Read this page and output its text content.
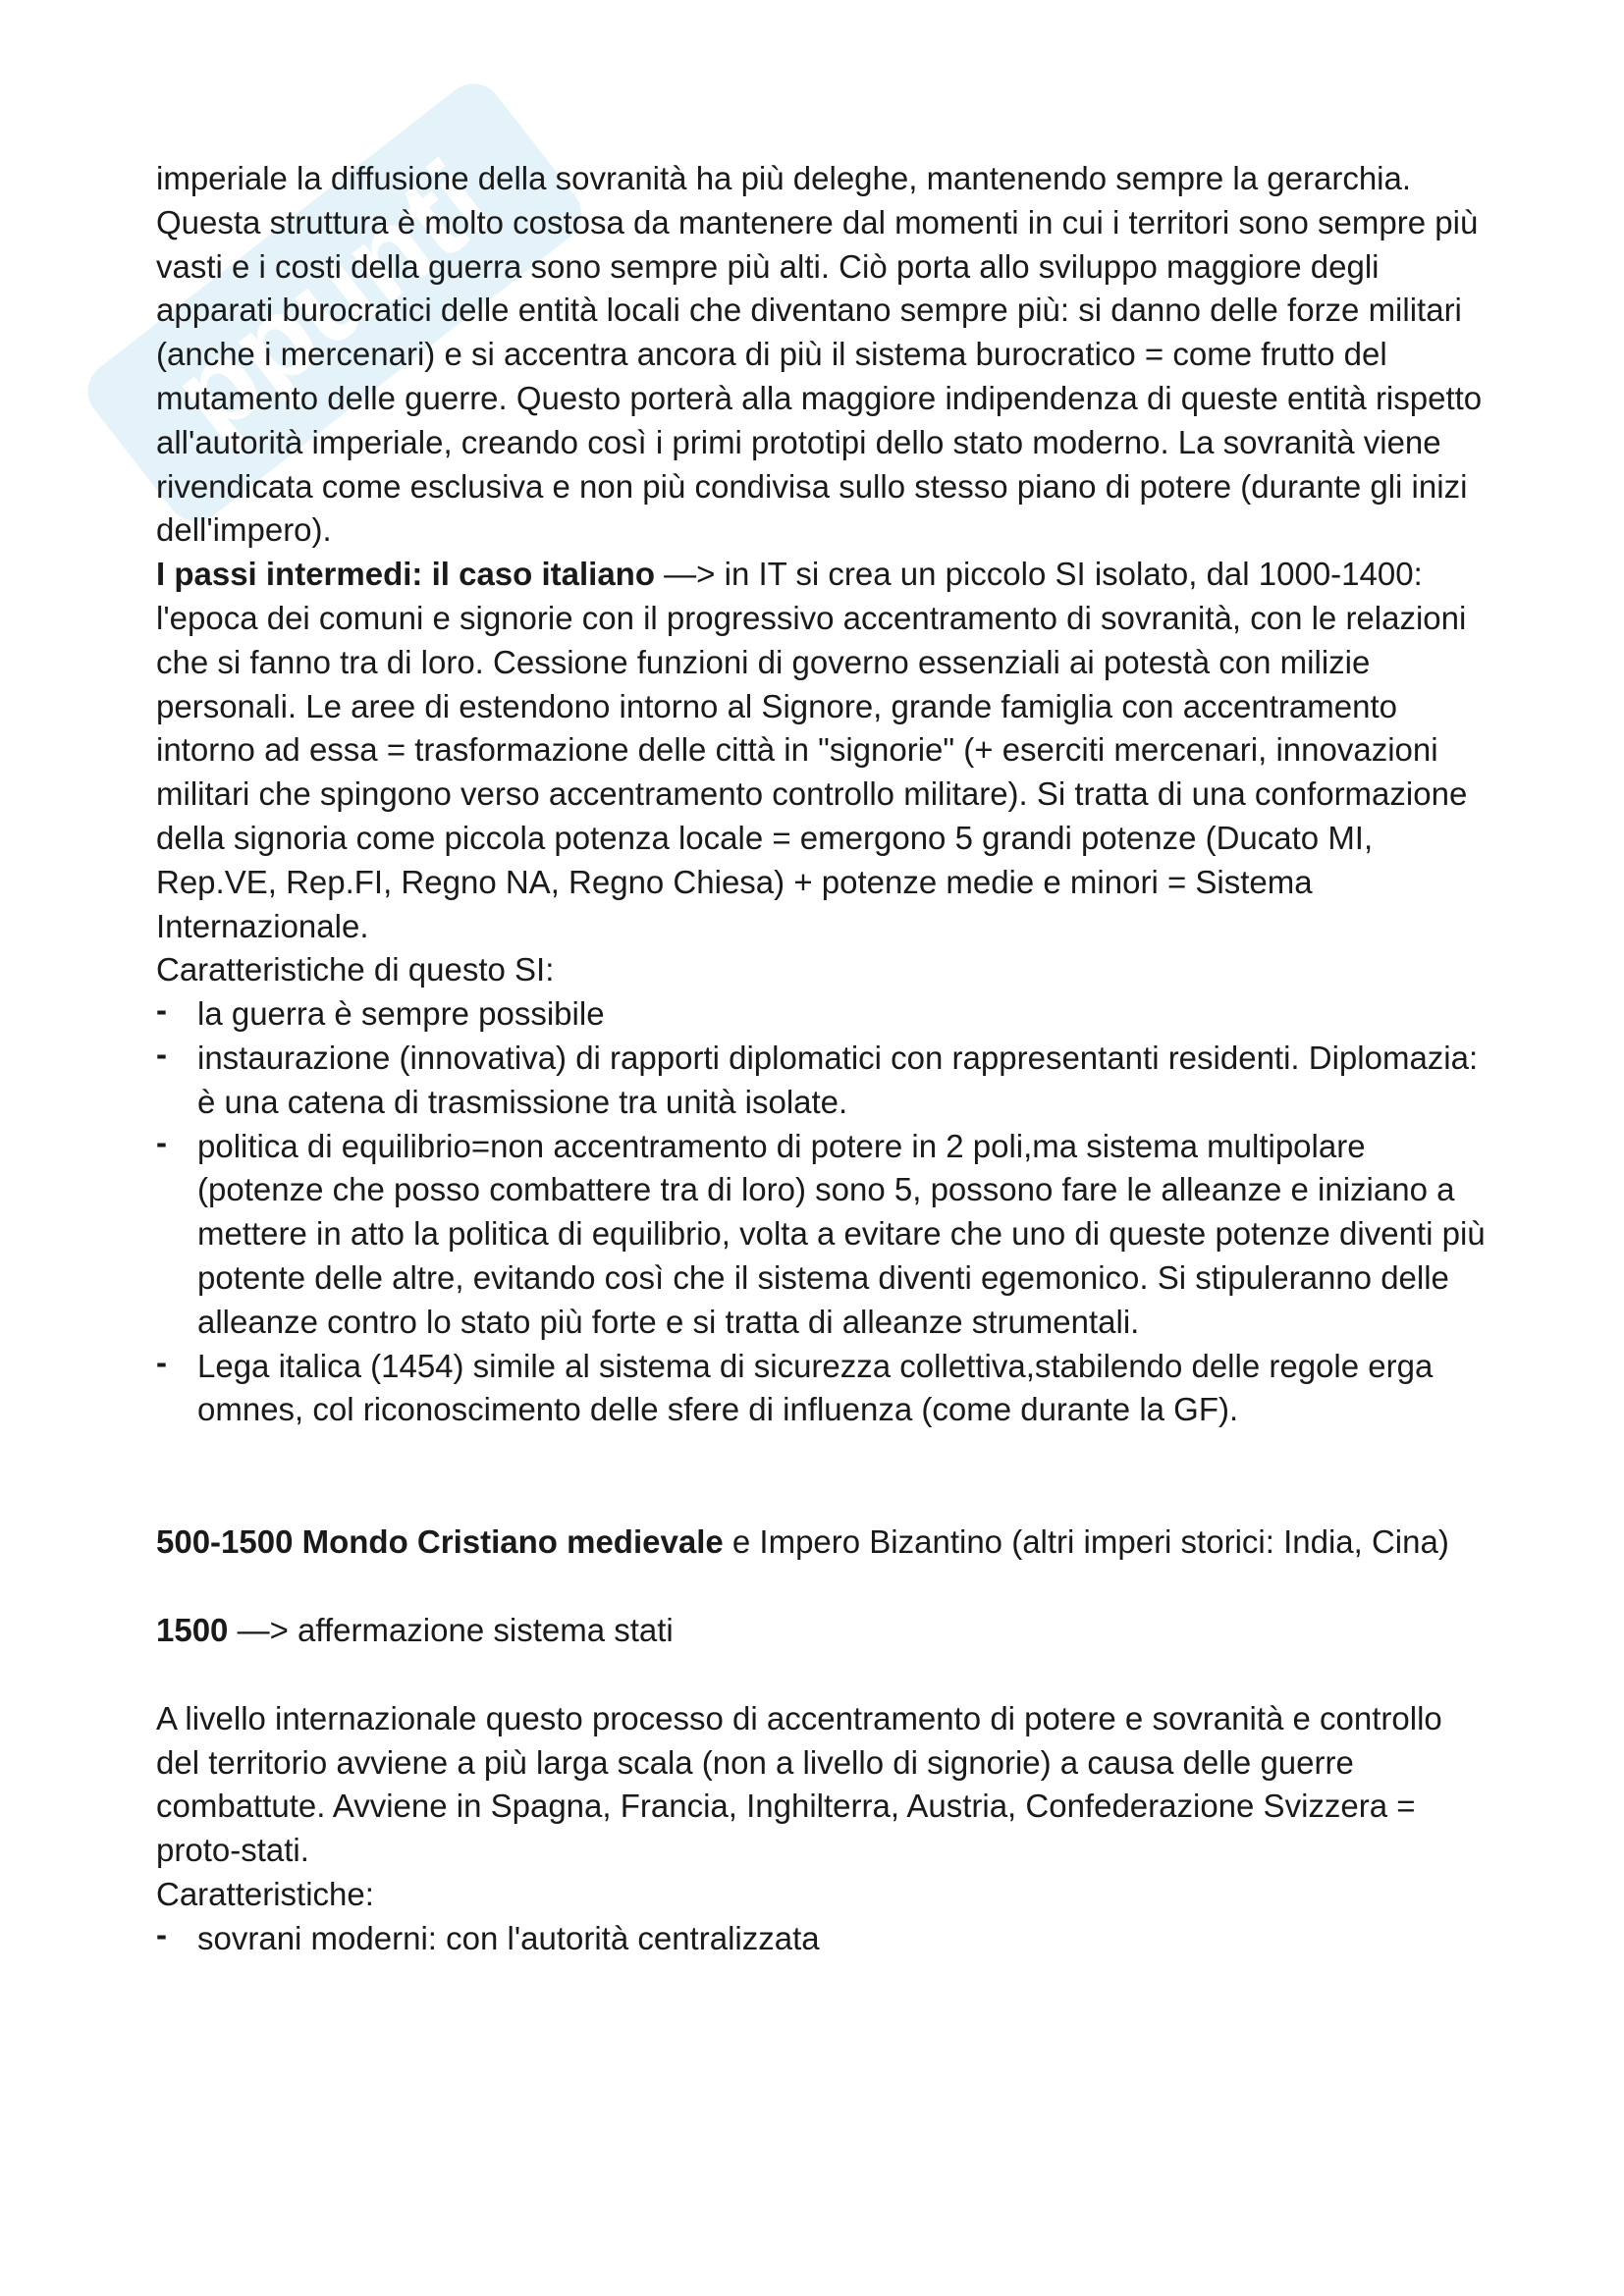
ppunti

imperiale la diffusione della sovranità ha più deleghe, mantenendo sempre la gerarchia. Questa struttura è molto costosa da mantenere dal momenti in cui i territori sono sempre più vasti e i costi della guerra sono sempre più alti. Ciò porta allo sviluppo maggiore degli apparati burocratici delle entità locali che diventano sempre più: si danno delle forze militari (anche i mercenari) e si accentra ancora di più il sistema burocratico = come frutto del mutamento delle guerre. Questo porterà alla maggiore indipendenza di queste entità rispetto all'autorità imperiale, creando così i primi prototipi dello stato moderno. La sovranità viene rivendicata come esclusiva e non più condivisa sullo stesso piano di potere (durante gli inizi dell'impero).

I passi intermedi: il caso italiano —> in IT si crea un piccolo SI isolato, dal 1000-1400: l'epoca dei comuni e signorie con il progressivo accentramento di sovranità, con le relazioni che si fanno tra di loro. Cessione funzioni di governo essenziali ai potestà con milizie personali. Le aree di estendono intorno al Signore, grande famiglia con accentramento intorno ad essa = trasformazione delle città in "signorie" (+ eserciti mercenari, innovazioni militari che spingono verso accentramento controllo militare). Si tratta di una conformazione della signoria come piccola potenza locale = emergono 5 grandi potenze (Ducato MI, Rep.VE, Rep.FI, Regno NA, Regno Chiesa) + potenze medie e minori = Sistema Internazionale.

Caratteristiche di questo SI:

- la guerra è sempre possibile
- instaurazione (innovativa) di rapporti diplomatici con rappresentanti residenti. Diplomazia: è una catena di trasmissione tra unità isolate.
- politica di equilibrio=non accentramento di potere in 2 poli,ma sistema multipolare (potenze che posso combattere tra di loro) sono 5, possono fare le alleanze e iniziano a mettere in atto la politica di equilibrio, volta a evitare che uno di queste potenze diventi più potente delle altre, evitando così che il sistema diventi egemonico. Si stipuleranno delle alleanze contro lo stato più forte e si tratta di alleanze strumentali.
- Lega italica (1454) simile al sistema di sicurezza collettiva,stabilendo delle regole erga omnes, col riconoscimento delle sfere di influenza (come durante la GF).

500-1500 Mondo Cristiano medievale e Impero Bizantino (altri imperi storici: India, Cina)

1500 —> affermazione sistema stati

A livello internazionale questo processo di accentramento di potere e sovranità e controllo del territorio avviene a più larga scala (non a livello di signorie) a causa delle guerre combattute. Avviene in Spagna, Francia, Inghilterra, Austria, Confederazione Svizzera = proto-stati.

Caratteristiche:

- sovrani moderni: con l'autorità centralizzata
